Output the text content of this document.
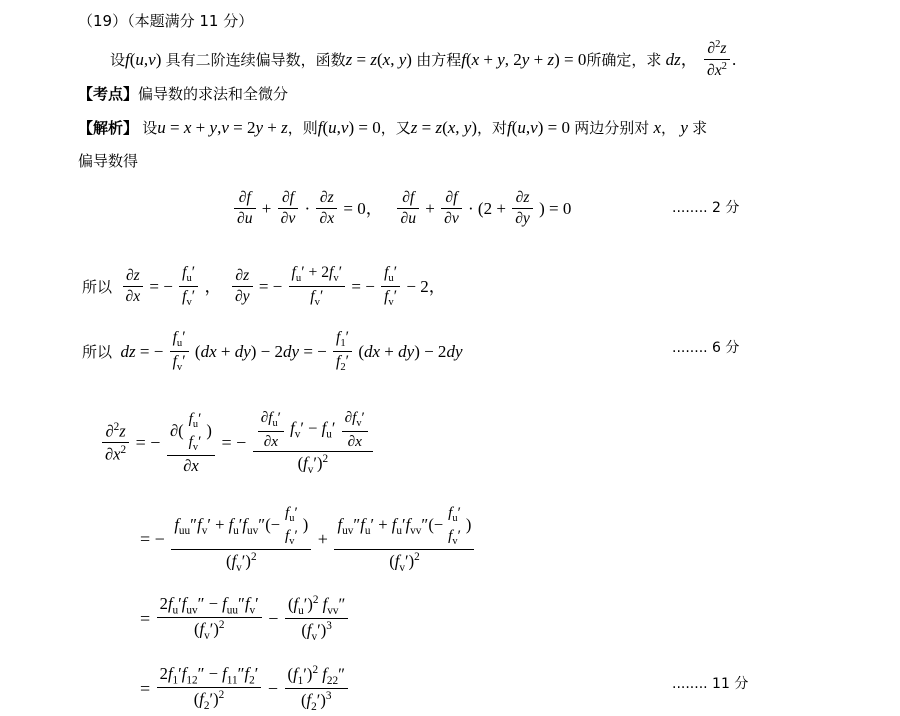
（19）（本题满分 11 分）
设f(u,v) 具有二阶连续偏导数，函数z = z(x, y) 由方程f(x + y, 2y + z) = 0所确定，求 dz， $\frac{\partial^2z}{\partial x^2}$ .
【考点】偏导数的求法和全微分
【解析】 设u = x + y,v = 2y + z，则f(u,v) = 0，又z = z(x, y)，对f(u,v) = 0 两边分别对 x， y 求
偏导数得
$\frac{\partial f}{\partial u} + \frac{\partial f}{\partial v} \cdot \frac{\partial z}{\partial x} = 0$， $\frac{\partial f}{\partial u} + \frac{\partial f}{\partial v} \cdot (2 + \frac{\partial z}{\partial y}$ ) = 0	........ 2 分
所以 $\frac{\partial z}{\partial x}$ = − $\frac{f_u'}{f_v'}$ ， $\frac{\partial z}{\partial y}$ = − $\frac{f_u' + 2f_v'}{f_v'}$ = − $\frac{f_u'}{f_v'} - 2$，
所以 dz = − $\frac{f_u'}{f_v'} (dx + dy) - 2dy$ = − $\frac{f_1'}{f_2'} (dx + dy) - 2dy$	........ 6 分
$\frac{\partial^2z}{\partial x^2}$ = − ∂(
$f_u'$
$f_v'$
)
∂x = − $\frac{\frac{\partial f_u'}{\partial x} f_v' - f_u' \frac{\partial f_v'}{\partial x}}{(f_v')^2}$
= − $f_{uu}''f_v' + f_u'f_{uv}''(-$
$f_u'$
$f_v'$
)
$(f_v')^2 + f_{uv}''f_u' + f_u'f_{vv}''(-$
$f_u'$
$f_v'$
)
$(f_v')^2$
= $\frac{2f_u'f_{uv}'' - f_{uu}''f_v'}{(f_v')^2} - \frac{(f_u')^2 f_{vv}''}{(f_v')^3}$
= $\frac{2f_1'f_{12}'' - f_{11}''f_2'}{(f_2')^2} - \frac{(f_1')^2 f_{22}''}{(f_2')^3}$	........ 11 分
